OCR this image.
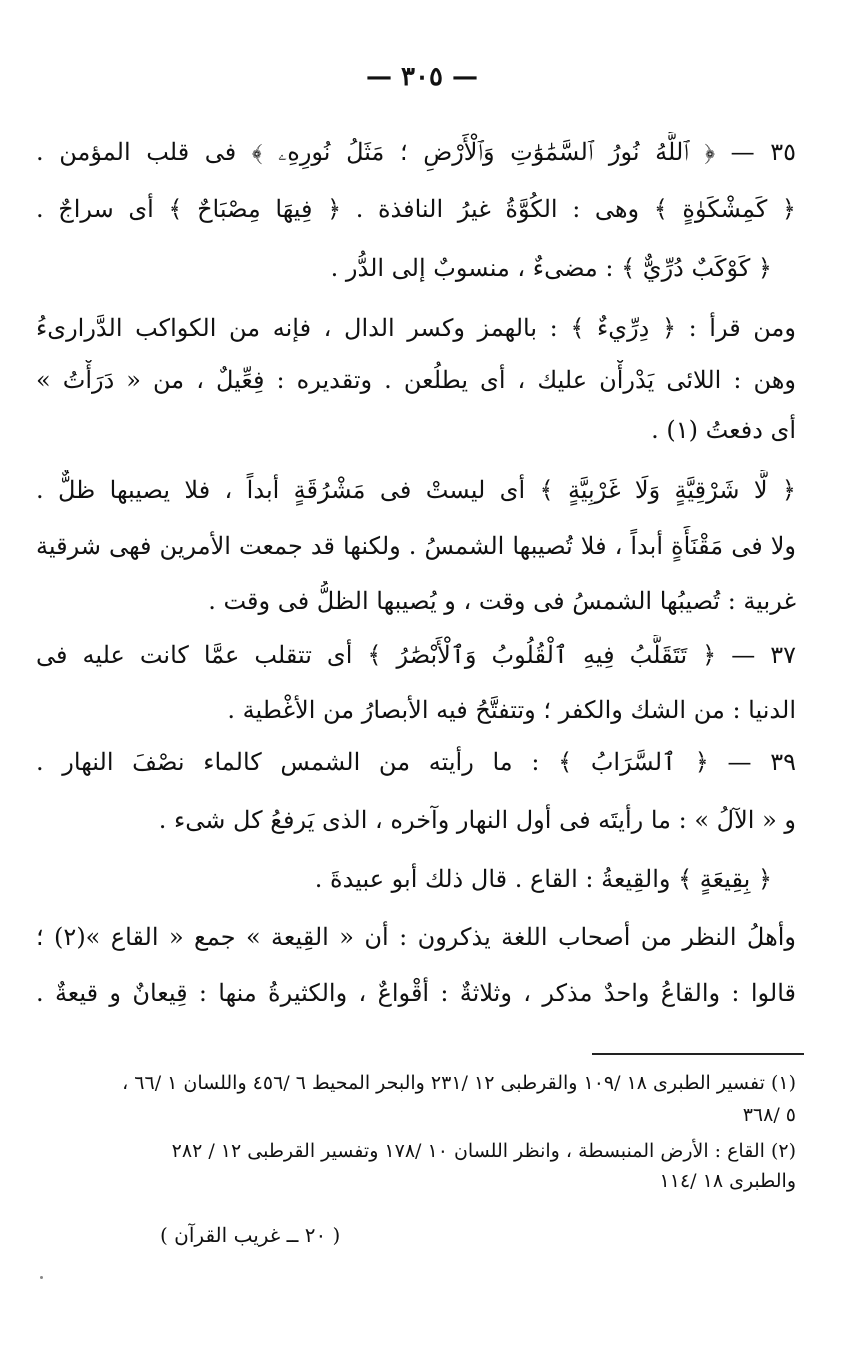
— ٣٠٥ —
٣٥ — ﴿ ٱللَّهُ نُورُ ٱلسَّمَٰوَٰتِ وَٱلْأَرْضِ ؛ مَثَلُ نُورِهِۦ ﴾ فى قلب المؤمن .
﴿ كَمِشْكَوٰةٍ ﴾ وهى : الكُوَّةُ غيرُ النافذة . ﴿ فِيهَا مِصْبَاحٌ ﴾ أى سراجٌ .
﴿ كَوْكَبٌ دُرِّيٌّ ﴾ : مضىءٌ ، منسوبٌ إلى الدُّر .
ومن قرأ : ﴿ دِرِّيءٌ ﴾ : بالهمز وكسر الدال ، فإنه من الكواكب الدَّرارىءُ
وهن : اللائى يَدْرأْن عليك ، أى يطلُعن . وتقديره : فِعِّيلٌ ، من « دَرَأْتُ »
أى دفعتُ (١) .
﴿ لَّا شَرْقِيَّةٍ وَلَا غَرْبِيَّةٍ ﴾ أى ليستْ فى مَشْرُقَةٍ أبداً ، فلا يصيبها ظلٌّ .
ولا فى مَقْنَأَةٍ أبداً ، فلا تُصيبها الشمسُ . ولكنها قد جمعت الأمرين فهى شرقية
غربية : تُصيبُها الشمسُ فى وقت ، و يُصيبها الظلُّ فى وقت .
٣٧ — ﴿ تَتَقَلَّبُ فِيهِ ٱلْقُلُوبُ وَٱلْأَبْصَٰرُ ﴾ أى تتقلب عمَّا كانت عليه فى
الدنيا : من الشك والكفر ؛ وتتفتَّحُ فيه الأبصارُ من الأغْطية .
٣٩ — ﴿ ٱلسَّرَابُ ﴾ : ما رأيته من الشمس كالماء نصْفَ النهار .
و « الآلُ » : ما رأيتَه فى أول النهار وآخره ، الذى يَرفعُ كل شىء .
﴿ بِقِيعَةٍ ﴾ والقِيعةُ : القاع . قال ذلك أبو عبيدةَ .
وأهلُ النظر من أصحاب اللغة يذكرون : أن « القِيعة » جمع « القاع »(٢) ؛
قالوا : والقاعُ واحدٌ مذكر ، وثلاثةٌ : أقْواعٌ ، والكثيرةُ منها : قِيعانٌ و قيعةٌ .
(١) تفسير الطبرى ١٨ /١٠٩ والقرطبى ١٢ /٢٣١ والبحر المحيط ٦ /٤٥٦ واللسان ١ /٦٦ ،
٥ /٣٦٨
(٢) القاع : الأرض المنبسطة ، وانظر اللسان ١٠ /١٧٨ وتفسير القرطبى ١٢ / ٢٨٢
والطبرى ١٨ /١١٤
( ٢٠ ــ غريب القرآن )
